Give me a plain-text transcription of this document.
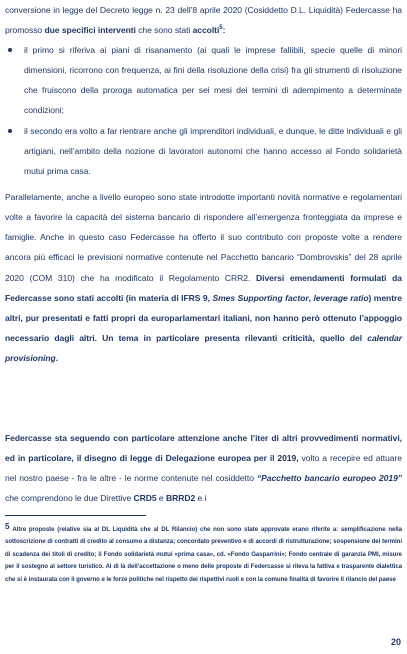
conversione in legge del Decreto legge n. 23 dell’8 aprile 2020 (Cosiddetto D.L. Liquidità) Federcasse ha promosso due specifici interventi che sono stati accolti$^5$:
il primo si riferiva ai piani di risanamento (ai quali le imprese fallibili, specie quelle di minori dimensioni, ricorrono con frequenza, ai fini della risoluzione della crisi) fra gli strumenti di risoluzione che fruiscono della proroga automatica per sei mesi dei termini di adempimento a determinate condizioni;
il secondo era volto a far rientrare anche gli imprenditori individuali, e dunque, le ditte individuali e gli artigiani, nell’ambito della nozione di lavoratori autonomi che hanno accesso al Fondo solidarietà mutui prima casa.
Parallelamente, anche a livello europeo sono state introdotte importanti novità normative e regolamentari volte a favorire la capacità del sistema bancario di rispondere all’emergenza fronteggiata da imprese e famiglie. Anche in questo caso Federcasse ha offerto il suo contributo con proposte volte a rendere ancora più efficaci le previsioni normative contenute nel Pacchetto bancario “Dombrovskis” del 28 aprile 2020 (COM 310) che ha modificato il Regolamento CRR2. Diversi emendamenti formulati da Federcasse sono stati accolti (in materia di IFRS 9, Smes Supporting factor, leverage ratio) mentre altri, pur presentati e fatti propri da europarlamentari italiani, non hanno però ottenuto l’appoggio necessario dagli altri. Un tema in particolare presenta rilevanti criticità, quello del calendar provisioning.
Federcasse sta seguendo con particolare attenzione anche l’iter di altri provvedimenti normativi, ed in particolare, il disegno di legge di Delegazione europea per il 2019, volto a recepire ed attuare nel nostro paese - fra le altre - le norme contenute nel cosiddetto “Pacchetto bancario europeo 2019” che comprendono le due Direttive CRD5 e BRRD2 e i
5 Altre proposte (relative sia al DL Liquidità che al DL Rilancio) che non sono state approvate erano riferite a: semplificazione nella sottoscrizione di contratti di credito al consumo a distanza; concordato preventivo e di accordi di ristrutturazione; sospensione dei termini di scadenza dei titoli di credito; il Fondo solidarietà mutui «prima casa», cd. «Fondo Gasparrini»; Fondo centrale di garanzia PMI, misure per il sostegno al settore turistico. Al di là dell’accettazione o meno delle proposte di Federcasse si rileva la fattiva e trasparente dialettica che si è instaurata con il governo e le forze politiche nel rispetto dei rispettivi ruoli e con la comune finalità di favorire il rilancio del paese
20
